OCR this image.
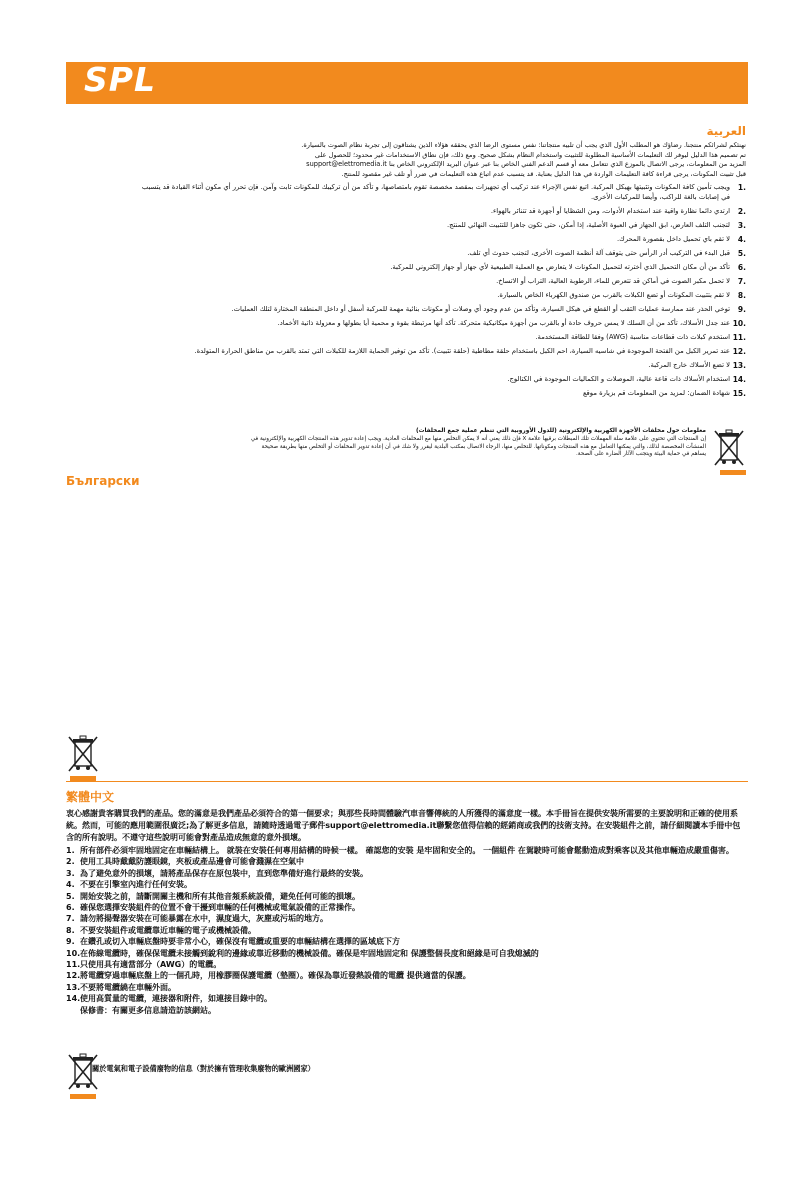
SPL Show	العربية

نهنئكم لشرائكم منتجنا. رضاؤك هو المطلب الأول الذي يجب أن تلبيه منتجاتنا: نفس مستوى الرضا الذي يحققه هؤلاء الذين يشتاقون إلى تجربة نظام الصوت بالسيارة.

تم تصميم هذا الدليل ليوفر لك التعليمات الأساسية المطلوبة للتثبيت واستخدام النظام بشكل صحيح. ومع ذلك، فإن نطاق الاستخدامات غير محدود؛ للحصول على

المزيد من المعلومات، يرجى الاتصال بالموزع الذي تتعامل معه أو قسم الدعم الفني الخاص بنا عبر عنوان البريد الإلكتروني الخاص بنا support@elettromedia.it

قبل تثبيت المكونات، يرجى قراءة كافة التعليمات الواردة في هذا الدليل بعناية. قد يتسبب عدم اتباع هذه التعليمات في ضرر أو تلف غير مقصود للمنتج.

1.
ويجب تأمين كافة المكونات وتثبيتها بهيكل المركبة. اتبع نفس الإجراء عند تركيب أي تجهيزات بمقصد مخصصة تقوم بامتصاصها، و تأكد من أن تركيبك للمكونات ثابت وآمن. فإن تحرر أي مكون أثناء القيادة قد يتسبب في إصابات بالغة للراكب، وأيضا للمركبات الأخرى.
2.
ارتدي دائما نظارة واقية عند استخدام الأدوات، ومن الشظايا أو أجهزة قد تتناثر بالهواء.
3.
لتجنب التلف العارض، ابق الجهاز في العبوة الأصلية، إذا أمكن، حتى تكون جاهزا للتثبيت النهائي للمنتج.
4.
لا تقم باي تحميل داخل بقصورة المحرك.
5.
قبل البدء في التركيب أدر الرأس حتى يتوقف آلة أنظمة الصوت الأخرى، لتجنب حدوث أي تلف.
6.
تأكد من أن مكان التحميل الذي أخترته لتحميل المكونات لا يتعارض مع العملية الطبيعية لأي جهاز أو جهاز إلكتروني للمركبة.
7.
لا تحمل مكبر الصوت في أماكن قد تتعرض للماء، الرطوبة العالية، التراب أو الاتساخ.
8.
لا تقم بتثبيت المكونات أو تضع الكبلات بالقرب من صندوق الكهرباء الخاص بالسيارة.
9.
توخي الحذر عند ممارسة عمليات الثقب أو القطع في هيكل السيارة، وتأكد من عدم وجود أي وصلات أو مكونات بنائية مهمة للمركبة أسفل أو داخل المنطقة المختارة لتلك العمليات.
10.
عند جدل الأسلاك، تأكد من أن السلك لا يمس حروف حادة أو بالقرب من أجهزة ميكانيكية متحركة. تأكد أنها مرتبطة بقوة و محمية أيا بطولها و معزولة ذاتية الأخماد.
11.
استخدم كبلات ذات قطاعات مناسبة (AWG) وفقا للطاقة المستخدمة.
12.
عند تمرير الكبل من الفتحة الموجودة في شاسيه السيارة، احم الكبل باستخدام حلقة مطاطية (حلقة تثبيت). تأكد من توفير الحماية اللازمة للكبلات التي تمتد بالقرب من مناطق الحرارة المتولدة.
13.
لا تضع الأسلاك خارج المركبة.
14.
استخدام الأسلاك ذات قاعة عالية، الموصلات و الكماليات الموجودة في الكتالوج.
15.
شهادة الضمان: لمزيد من المعلومات قم بزيارة موقع
معلومات حول مخلفات الأجهزة الكهربية والإلكترونية (للدول الأوروبية التي تنظم عملية جمع المخلفات)
إن المنتجات التي تحتوي على علامة سلة المهملات تلك المبطلات برقيها علامة X فإن ذلك يعني أنه لا يمكن التخلص منها مع المخلفات العادية. ويجب إعادة تدوير هذه المنتجات الكهربية والإلكترونية في المنشآت المخصصة لذلك، والتي يمكنها التعامل مع هذه المنتجات ومكوناتها. للتخلص منها، الرجاء الاتصال بمكتب البلدية ليقرر ولا شك في أن إعادة تدوير المخلفات أو التخلص منها بطريقة صحيحة يساهم في حماية البيئة ويتجنب الآثار الضارة على الصحة.
Български
繁體中文

衷心感謝貴客購買我們的產品。您的滿意是我們產品必須符合的第一個要求；與那些長時間體驗汽車音響傳統的人所獲得的滿意度一樣。本手冊旨在提供安裝所需要的主要說明和正確的使用系統。然而，可能的應用範圍很廣泛;為了解更多信息，請隨時透過電子郵件support@elettromedia.it聯繫您值得信賴的經銷商或我們的技術支持。在安裝組件之前，請仔細閱讀本手冊中包含的所有說明。不遵守這些說明可能會對產品造成無意的意外損壞。

1. 所有部件必須牢固地固定在車輛結構上。 就裝在安裝任何專用結構的時候一樣。 確認您的安裝 是牢固和安全的。 一個組件 在駕駛時可能會鬆動造成對乘客以及其他車輛造成嚴重傷害。
2. 使用工具時戴戴防護眼鏡，夾板或產品邊會可能會濺濕在空氣中
3. 為了避免意外的損壞，請將產品保存在原包裝中，直到您準備好進行最終的安裝。
4. 不要在引擎室內進行任何安裝。
5. 開始安裝之前，請斷開關主機和所有其他音頻系統設備，避免任何可能的損壞。
6. 確保您選擇安裝組件的位置不會干擾到車輛的任何機械或電氣設備的正常操作。
7. 請勿將揚聲器安裝在可能暴露在水中，濕度過大，灰塵或污垢的地方。
8. 不要安裝組件或電纜靠近車輛的電子或機械設備。
9. 在鑽孔或切入車輛底盤時要非常小心，確保沒有電纜或重要的車輛結構在選擇的區域底下方
10. 在佈線電纜時，確保保電纜未接觸到銳利的邊緣或靠近移動的機械設備。確保是牢固地固定和 保護整個長度和絕緣是可自我熄滅的
11. 只使用具有適當部分（AWG）的電纜。
12. 將電纜穿過車輛底盤上的一個孔時，用橡膠圈保護電纜（墊圈）。確保為靠近發熱設備的電纜 提供適當的保護。
13. 不要將電纜繞在車輛外面。
14. 使用高質量的電纜，連接器和附件，如連接目錄中的。

保修書：有關更多信息請造訪該網站。

關於電氣和電子設備廢物的信息（對於擁有管理收集廢物的歐洲國家）
